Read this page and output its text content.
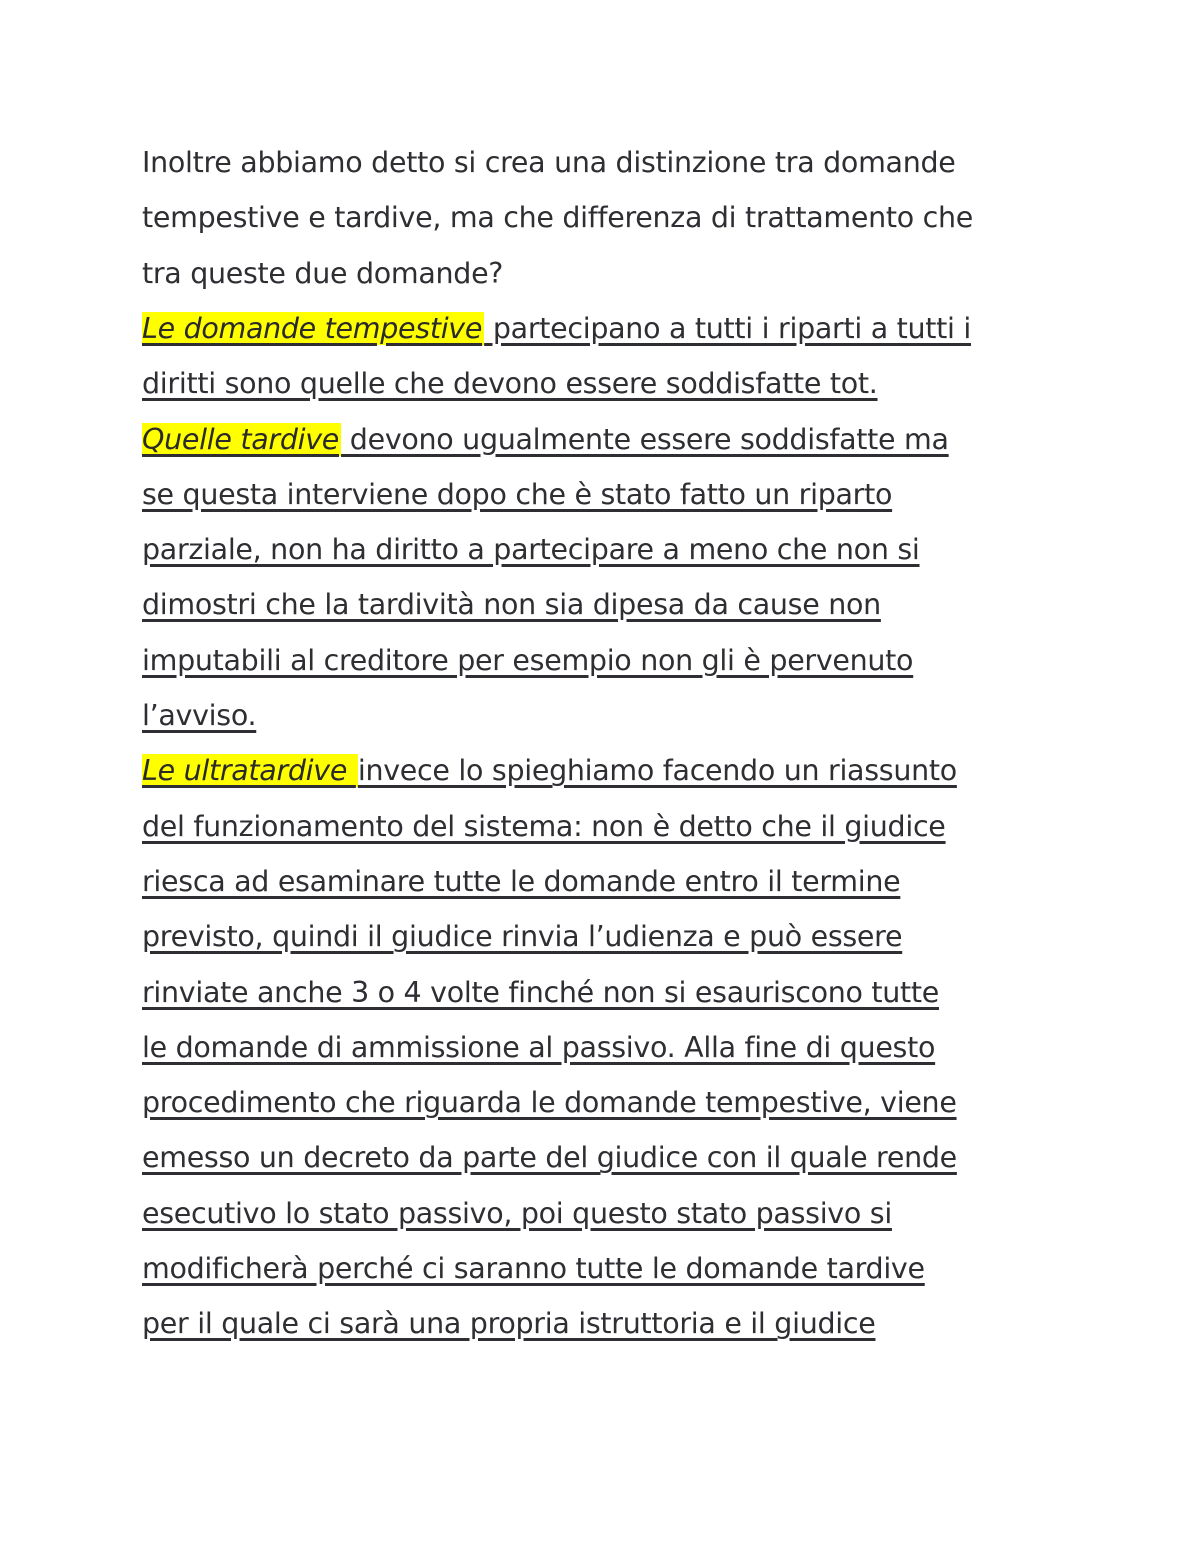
Inoltre abbiamo detto si crea una distinzione tra domande
tempestive e tardive, ma che differenza di trattamento che
tra queste due domande?
Le domande tempestive partecipano a tutti i riparti a tutti i
diritti sono quelle che devono essere soddisfatte tot.
Quelle tardive devono ugualmente essere soddisfatte ma
se questa interviene dopo che è stato fatto un riparto
parziale, non ha diritto a partecipare a meno che non si
dimostri che la tardività non sia dipesa da cause non
imputabili al creditore per esempio non gli è pervenuto
l’avviso.
Le ultratardive invece lo spieghiamo facendo un riassunto
del funzionamento del sistema: non è detto che il giudice
riesca ad esaminare tutte le domande entro il termine
previsto, quindi il giudice rinvia l’udienza e può essere
rinviate anche 3 o 4 volte finché non si esauriscono tutte
le domande di ammissione al passivo. Alla fine di questo
procedimento che riguarda le domande tempestive, viene
emesso un decreto da parte del giudice con il quale rende
esecutivo lo stato passivo, poi questo stato passivo si
modificherà perché ci saranno tutte le domande tardive
per il quale ci sarà una propria istruttoria e il giudice
